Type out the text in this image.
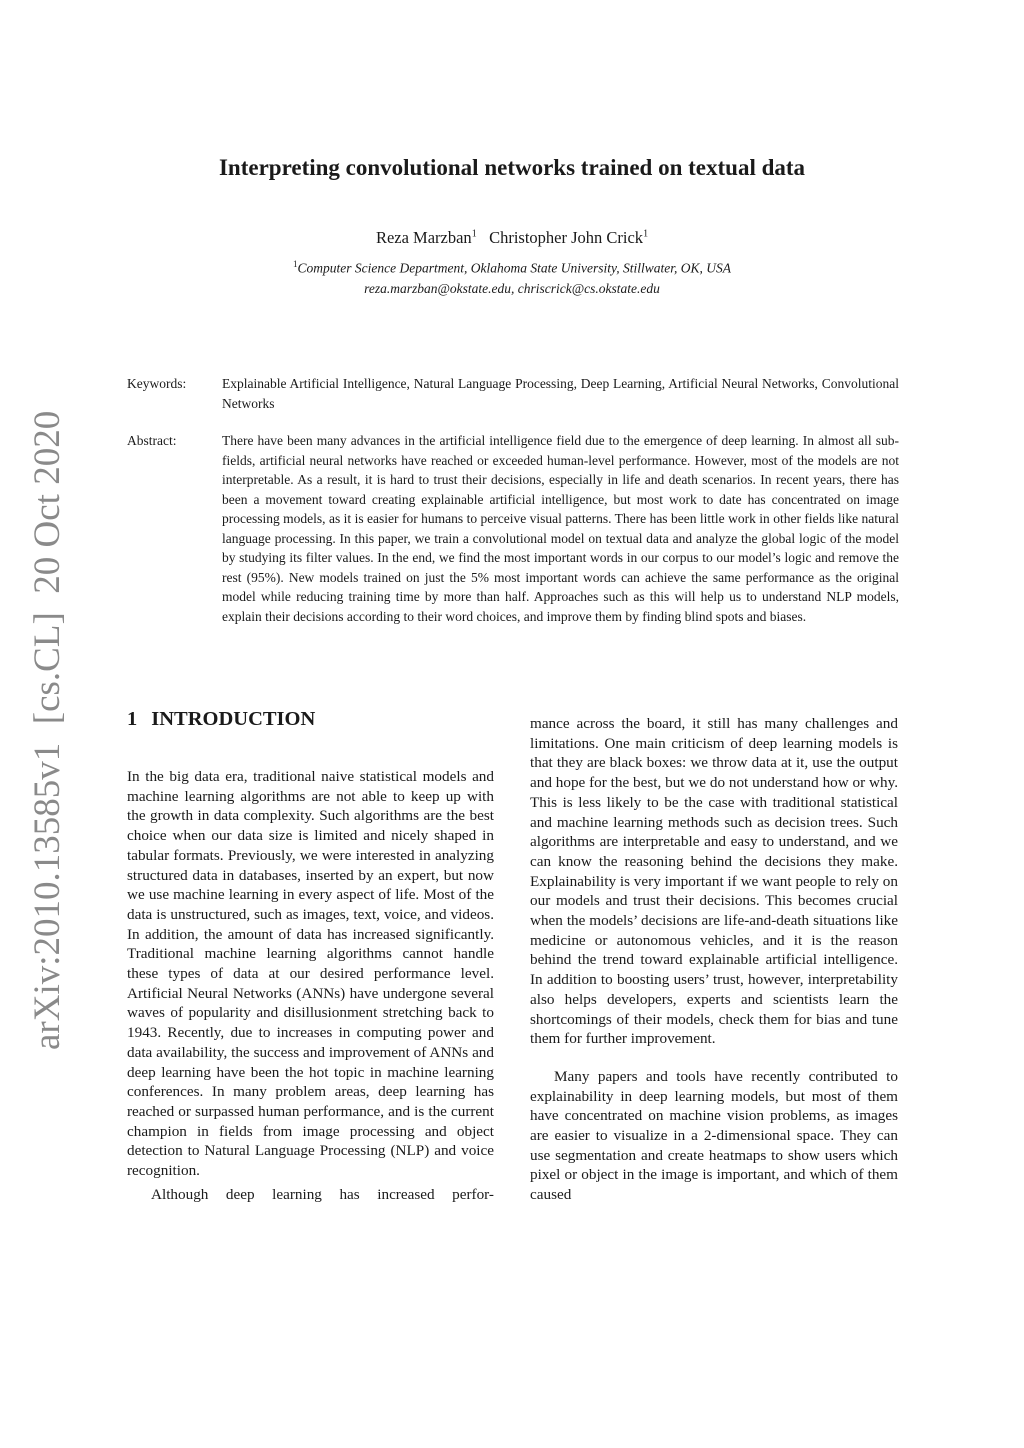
arXiv:2010.13585v1  [cs.CL]  20 Oct 2020
Interpreting convolutional networks trained on textual data
Reza Marzban$^1$ Christopher John Crick$^1$
$^1$Computer Science Department, Oklahoma State University, Stillwater, OK, USA
reza.marzban@okstate.edu, chriscrick@cs.okstate.edu
Keywords:	Explainable Artificial Intelligence, Natural Language Processing, Deep Learning, Artificial Neural Networks, Convolutional Networks
Abstract:	There have been many advances in the artificial intelligence field due to the emergence of deep learning. In almost all sub-fields, artificial neural networks have reached or exceeded human-level performance. However, most of the models are not interpretable. As a result, it is hard to trust their decisions, especially in life and death scenarios. In recent years, there has been a movement toward creating explainable artificial intelligence, but most work to date has concentrated on image processing models, as it is easier for humans to perceive visual patterns. There has been little work in other fields like natural language processing. In this paper, we train a convolutional model on textual data and analyze the global logic of the model by studying its filter values. In the end, we find the most important words in our corpus to our model’s logic and remove the rest (95%). New models trained on just the 5% most important words can achieve the same performance as the original model while reducing training time by more than half. Approaches such as this will help us to understand NLP models, explain their decisions according to their word choices, and improve them by finding blind spots and biases.
1 INTRODUCTION

In the big data era, traditional naive statistical models and machine learning algorithms are not able to keep up with the growth in data complexity. Such algorithms are the best choice when our data size is limited and nicely shaped in tabular formats. Previously, we were interested in analyzing structured data in databases, inserted by an expert, but now we use machine learning in every aspect of life. Most of the data is unstructured, such as images, text, voice, and videos. In addition, the amount of data has increased significantly. Traditional machine learning algorithms cannot handle these types of data at our desired performance level. Artificial Neural Networks (ANNs) have undergone several waves of popularity and disillusionment stretching back to 1943. Recently, due to increases in computing power and data availability, the success and improvement of ANNs and deep learning have been the hot topic in machine learning conferences. In many problem areas, deep learning has reached or surpassed human performance, and is the current champion in fields from image processing and object detection to Natural Language Processing (NLP) and voice recognition.

Although deep learning has increased perfor-

mance across the board, it still has many challenges and limitations. One main criticism of deep learning models is that they are black boxes: we throw data at it, use the output and hope for the best, but we do not understand how or why. This is less likely to be the case with traditional statistical and machine learning methods such as decision trees. Such algorithms are interpretable and easy to understand, and we can know the reasoning behind the decisions they make. Explainability is very important if we want people to rely on our models and trust their decisions. This becomes crucial when the models’ decisions are life-and-death situations like medicine or autonomous vehicles, and it is the reason behind the trend toward explainable artificial intelligence. In addition to boosting users’ trust, however, interpretability also helps developers, experts and scientists learn the shortcomings of their models, check them for bias and tune them for further improvement.

Many papers and tools have recently contributed to explainability in deep learning models, but most of them have concentrated on machine vision problems, as images are easier to visualize in a 2-dimensional space. They can use segmentation and create heatmaps to show users which pixel or object in the image is important, and which of them caused
